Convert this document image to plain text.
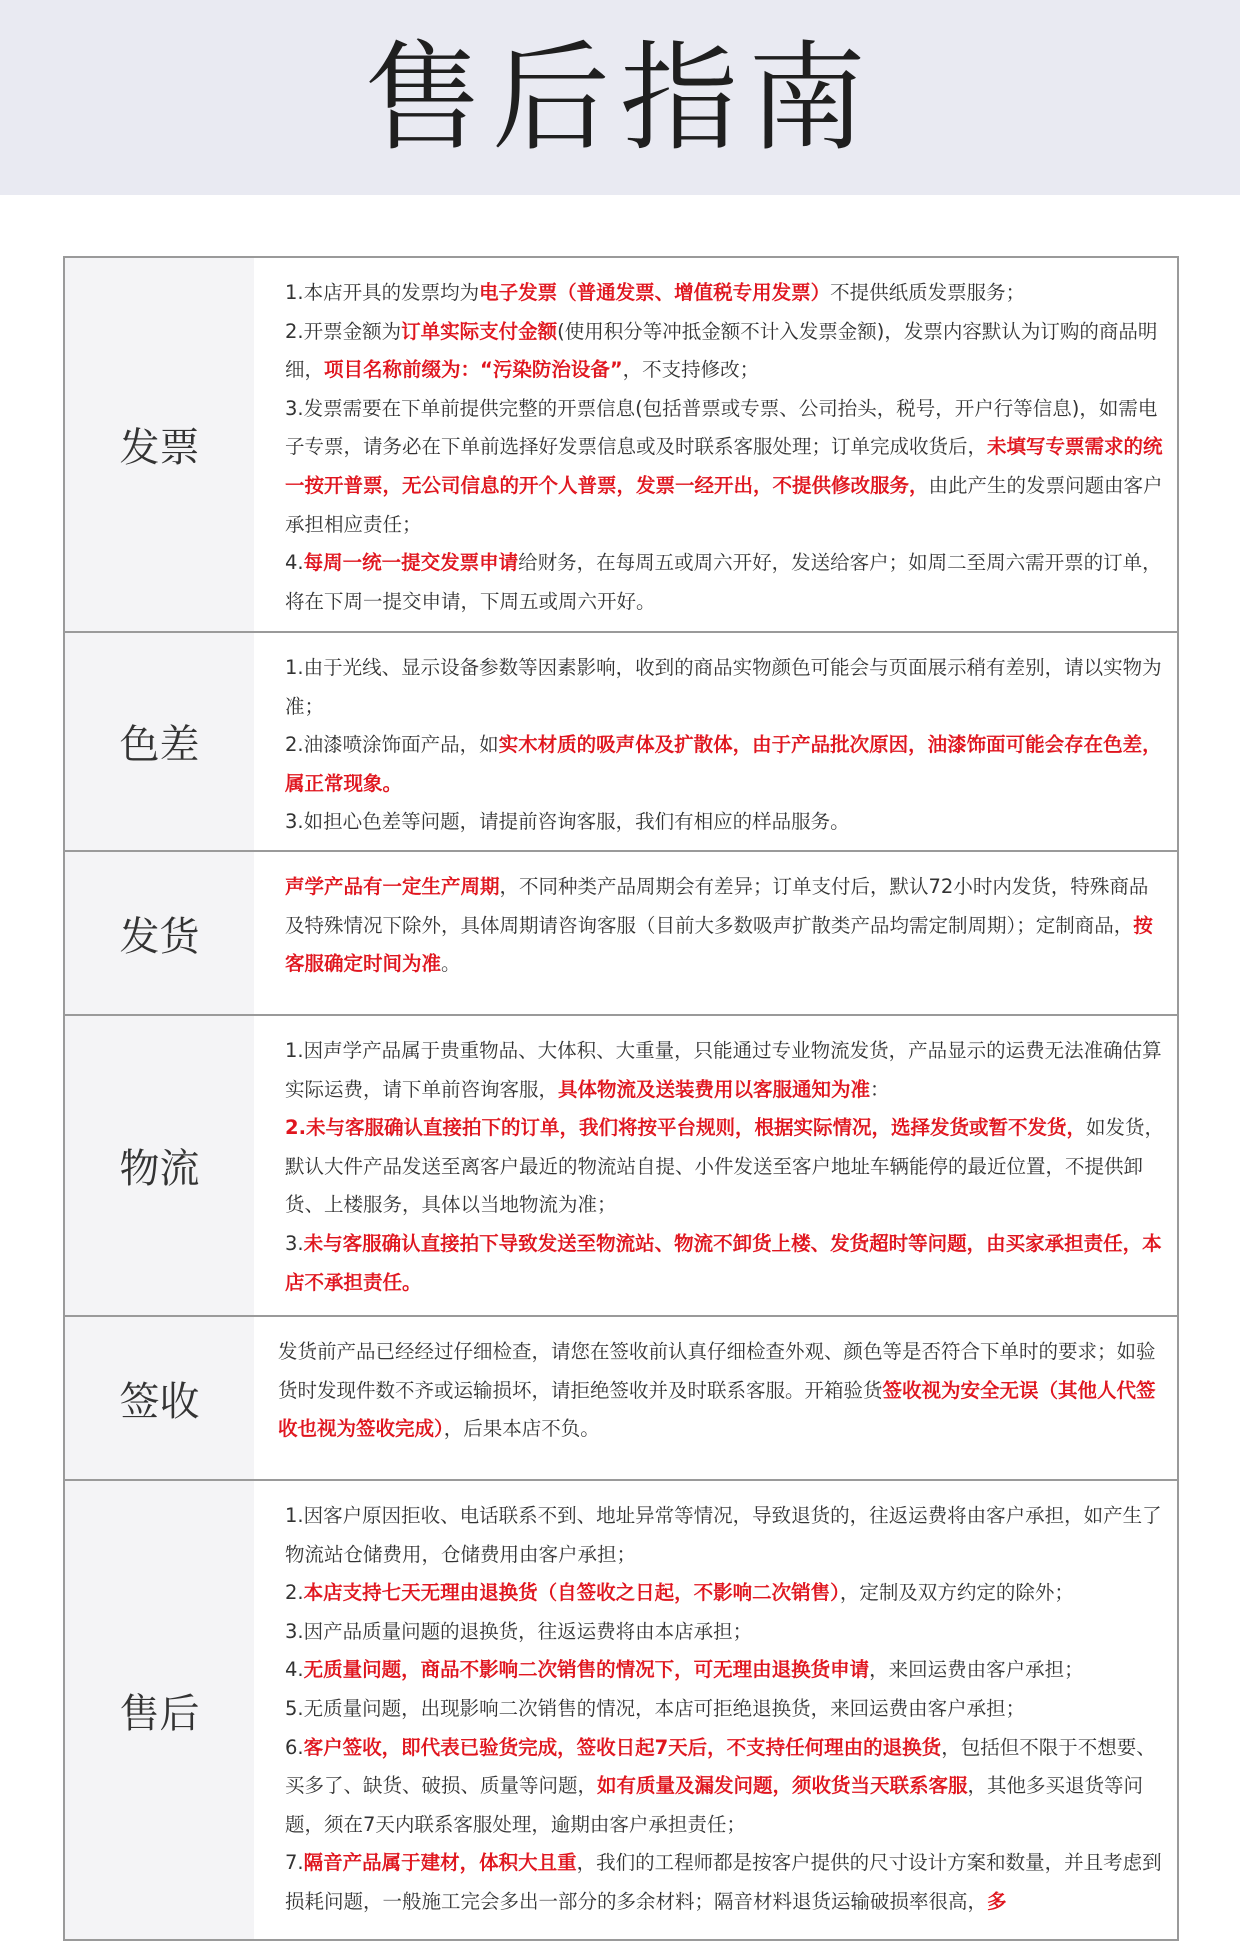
售后指南
发票

1.本店开具的发票均为电子发票（普通发票、增值税专用发票）不提供纸质发票服务；

2.开票金额为订单实际支付金额(使用积分等冲抵金额不计入发票金额)，发票内容默认为订购的商品明细，项目名称前缀为：“污染防治设备”，不支持修改；

3.发票需要在下单前提供完整的开票信息(包括普票或专票、公司抬头，税号，开户行等信息)，如需电子专票，请务必在下单前选择好发票信息或及时联系客服处理；订单完成收货后，未填写专票需求的统一按开普票，无公司信息的开个人普票，发票一经开出，不提供修改服务，由此产生的发票问题由客户承担相应责任；

4.每周一统一提交发票申请给财务，在每周五或周六开好，发送给客户；如周二至周六需开票的订单，将在下周一提交申请，下周五或周六开好。

色差

1.由于光线、显示设备参数等因素影响，收到的商品实物颜色可能会与页面展示稍有差别，请以实物为准；

2.油漆喷涂饰面产品，如实木材质的吸声体及扩散体，由于产品批次原因，油漆饰面可能会存在色差，属正常现象。

3.如担心色差等问题，请提前咨询客服，我们有相应的样品服务。

发货

声学产品有一定生产周期，不同种类产品周期会有差异；订单支付后，默认72小时内发货，特殊商品及特殊情况下除外，具体周期请咨询客服（目前大多数吸声扩散类产品均需定制周期）；定制商品，按客服确定时间为准。

物流

1.因声学产品属于贵重物品、大体积、大重量，只能通过专业物流发货，产品显示的运费无法准确估算实际运费，请下单前咨询客服，具体物流及送装费用以客服通知为准：

2.未与客服确认直接拍下的订单，我们将按平台规则，根据实际情况，选择发货或暂不发货，如发货，默认大件产品发送至离客户最近的物流站自提、小件发送至客户地址车辆能停的最近位置，不提供卸货、上楼服务，具体以当地物流为准；

3.未与客服确认直接拍下导致发送至物流站、物流不卸货上楼、发货超时等问题，由买家承担责任，本店不承担责任。

签收

发货前产品已经经过仔细检查，请您在签收前认真仔细检查外观、颜色等是否符合下单时的要求；如验货时发现件数不齐或运输损坏，请拒绝签收并及时联系客服。开箱验货签收视为安全无误（其他人代签收也视为签收完成），后果本店不负。

售后

1.因客户原因拒收、电话联系不到、地址异常等情况，导致退货的，往返运费将由客户承担，如产生了物流站仓储费用，仓储费用由客户承担；

2.本店支持七天无理由退换货（自签收之日起，不影响二次销售），定制及双方约定的除外；

3.因产品质量问题的退换货，往返运费将由本店承担；

4.无质量问题，商品不影响二次销售的情况下，可无理由退换货申请，来回运费由客户承担；

5.无质量问题，出现影响二次销售的情况，本店可拒绝退换货，来回运费由客户承担；

6.客户签收，即代表已验货完成，签收日起7天后，不支持任何理由的退换货，包括但不限于不想要、买多了、缺货、破损、质量等问题，如有质量及漏发问题，须收货当天联系客服，其他多买退货等问题，须在7天内联系客服处理，逾期由客户承担责任；

7.隔音产品属于建材，体积大且重，我们的工程师都是按客户提供的尺寸设计方案和数量，并且考虑到损耗问题，一般施工完会多出一部分的多余材料；隔音材料退货运输破损率很高，多
